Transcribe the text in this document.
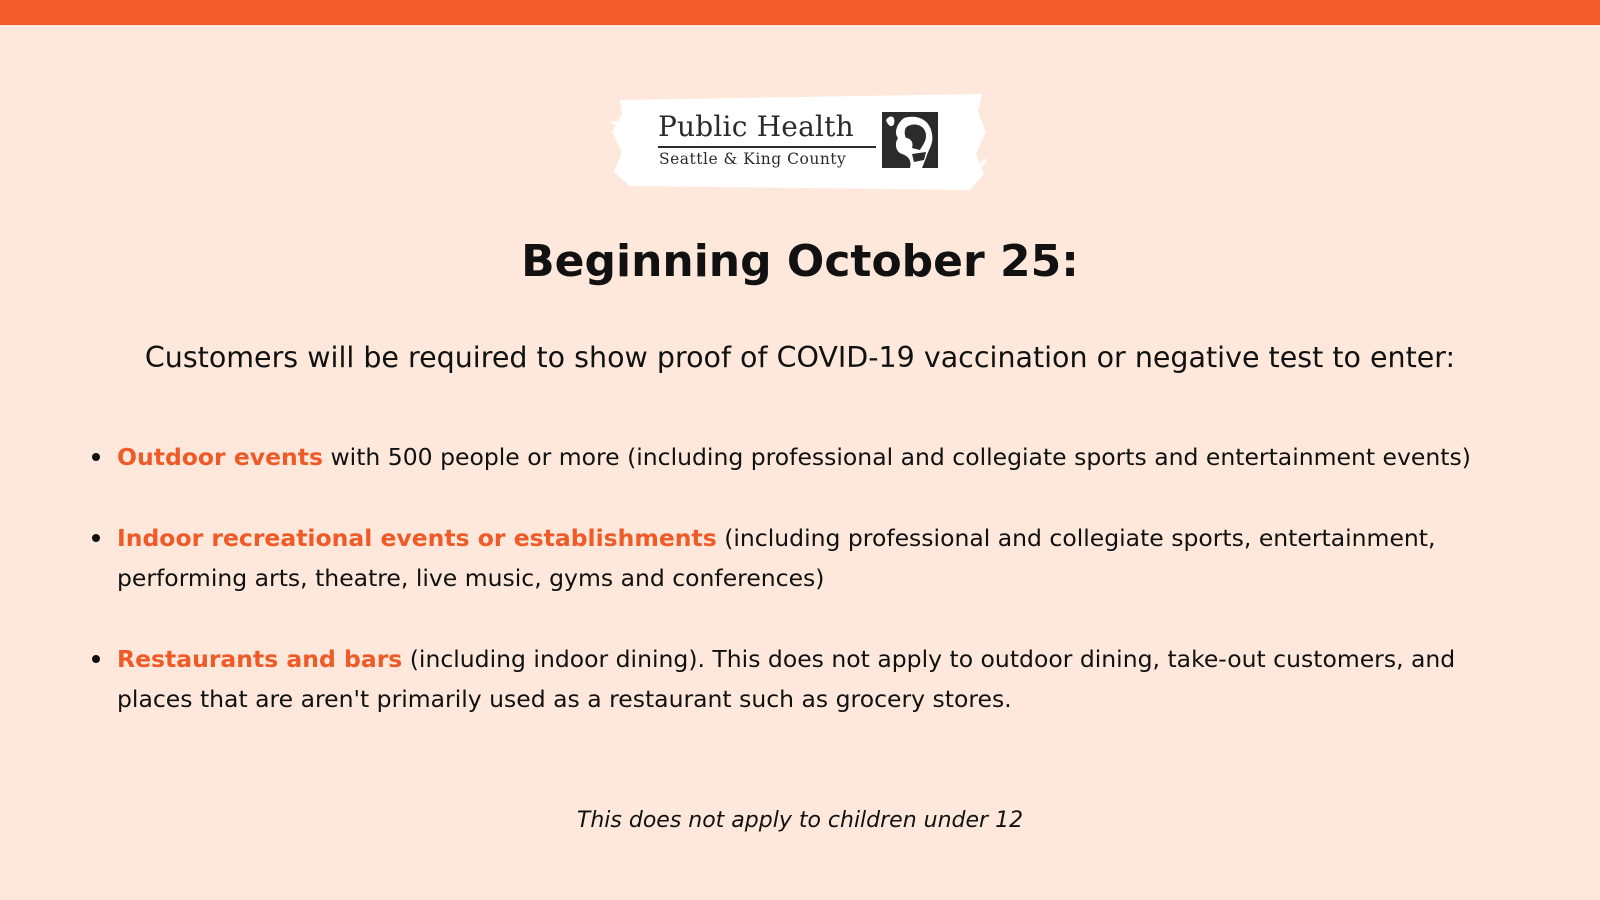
Public Health
Seattle & King County
Beginning October 25:

Customers will be required to show proof of COVID-19 vaccination or negative test to enter:

Outdoor events with 500 people or more (including professional and collegiate sports and entertainment events)
Indoor recreational events or establishments (including professional and collegiate sports, entertainment, performing arts, theatre, live music, gyms and conferences)
Restaurants and bars (including indoor dining). This does not apply to outdoor dining, take-out customers, and places that are aren't primarily used as a restaurant such as grocery stores.
This does not apply to children under 12
